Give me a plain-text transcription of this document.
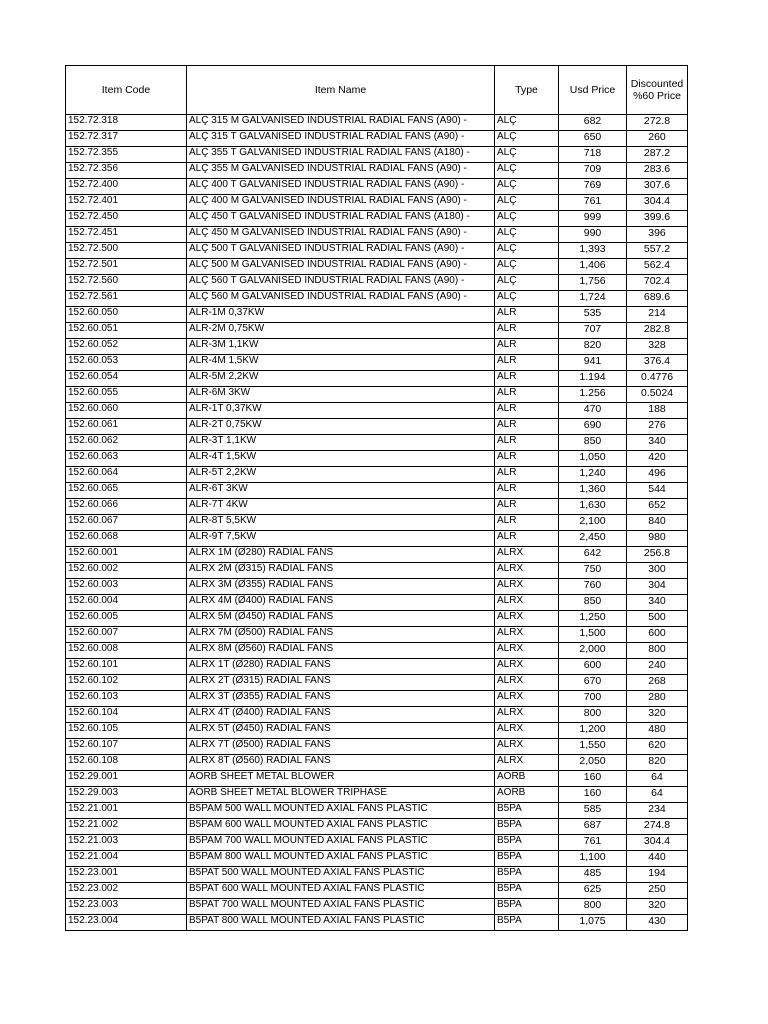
Item Code	Item Name	Type	Usd Price	Discounted %60 Price
152.72.318	ALÇ 315 M GALVANISED INDUSTRIAL RADIAL FANS (A90) -	ALÇ	682	272.8
152.72.317	ALÇ 315 T GALVANISED INDUSTRIAL RADIAL FANS (A90) -	ALÇ	650	260
152.72.355	ALÇ 355 T GALVANISED INDUSTRIAL RADIAL FANS (A180) -	ALÇ	718	287.2
152.72.356	ALÇ 355 M GALVANISED INDUSTRIAL RADIAL FANS (A90) -	ALÇ	709	283.6
152.72.400	ALÇ 400 T GALVANISED INDUSTRIAL RADIAL FANS (A90) -	ALÇ	769	307.6
152.72.401	ALÇ 400 M GALVANISED INDUSTRIAL RADIAL FANS (A90) -	ALÇ	761	304.4
152.72.450	ALÇ 450 T GALVANISED INDUSTRIAL RADIAL FANS (A180) -	ALÇ	999	399.6
152.72.451	ALÇ 450 M GALVANISED INDUSTRIAL RADIAL FANS (A90) -	ALÇ	990	396
152.72.500	ALÇ 500 T GALVANISED INDUSTRIAL RADIAL FANS (A90) -	ALÇ	1,393	557.2
152.72.501	ALÇ 500 M GALVANISED INDUSTRIAL RADIAL FANS (A90) -	ALÇ	1,406	562.4
152.72.560	ALÇ 560 T GALVANISED INDUSTRIAL RADIAL FANS (A90) -	ALÇ	1,756	702.4
152.72.561	ALÇ 560 M GALVANISED INDUSTRIAL RADIAL FANS (A90) -	ALÇ	1,724	689.6
152.60.050	ALR-1M 0,37KW	ALR	535	214
152.60.051	ALR-2M 0,75KW	ALR	707	282.8
152.60.052	ALR-3M 1,1KW	ALR	820	328
152.60.053	ALR-4M 1,5KW	ALR	941	376.4
152.60.054	ALR-5M 2,2KW	ALR	1.194	0.4776
152.60.055	ALR-6M 3KW	ALR	1.256	0.5024
152.60.060	ALR-1T 0,37KW	ALR	470	188
152.60.061	ALR-2T 0,75KW	ALR	690	276
152.60.062	ALR-3T 1,1KW	ALR	850	340
152.60.063	ALR-4T 1,5KW	ALR	1,050	420
152.60.064	ALR-5T 2,2KW	ALR	1,240	496
152.60.065	ALR-6T 3KW	ALR	1,360	544
152.60.066	ALR-7T 4KW	ALR	1,630	652
152.60.067	ALR-8T 5,5KW	ALR	2,100	840
152.60.068	ALR-9T 7,5KW	ALR	2,450	980
152.60.001	ALRX 1M (Ø280) RADIAL FANS	ALRX	642	256.8
152.60.002	ALRX 2M (Ø315) RADIAL FANS	ALRX	750	300
152.60.003	ALRX 3M (Ø355) RADIAL FANS	ALRX	760	304
152.60.004	ALRX 4M (Ø400) RADIAL FANS	ALRX	850	340
152.60.005	ALRX 5M (Ø450) RADIAL FANS	ALRX	1,250	500
152.60.007	ALRX 7M (Ø500) RADIAL FANS	ALRX	1,500	600
152.60.008	ALRX 8M (Ø560) RADIAL FANS	ALRX	2,000	800
152.60.101	ALRX 1T (Ø280) RADIAL FANS	ALRX	600	240
152.60.102	ALRX 2T (Ø315) RADIAL FANS	ALRX	670	268
152.60.103	ALRX 3T (Ø355) RADIAL FANS	ALRX	700	280
152.60.104	ALRX 4T (Ø400) RADIAL FANS	ALRX	800	320
152.60.105	ALRX 5T (Ø450) RADIAL FANS	ALRX	1,200	480
152.60.107	ALRX 7T (Ø500) RADIAL FANS	ALRX	1,550	620
152.60.108	ALRX 8T (Ø560) RADIAL FANS	ALRX	2,050	820
152.29.001	AORB SHEET METAL BLOWER	AORB	160	64
152.29.003	AORB SHEET METAL BLOWER TRIPHASE	AORB	160	64
152.21.001	B5PAM 500 WALL MOUNTED AXIAL FANS PLASTIC	B5PA	585	234
152.21.002	B5PAM 600 WALL MOUNTED AXIAL FANS PLASTIC	B5PA	687	274.8
152.21.003	B5PAM 700 WALL MOUNTED AXIAL FANS PLASTIC	B5PA	761	304.4
152.21.004	B5PAM 800 WALL MOUNTED AXIAL FANS PLASTIC	B5PA	1,100	440
152.23.001	B5PAT 500 WALL MOUNTED AXIAL FANS PLASTIC	B5PA	485	194
152.23.002	B5PAT 600 WALL MOUNTED AXIAL FANS PLASTIC	B5PA	625	250
152.23.003	B5PAT 700 WALL MOUNTED AXIAL FANS PLASTIC	B5PA	800	320
152.23.004	B5PAT 800 WALL MOUNTED AXIAL FANS PLASTIC	B5PA	1,075	430
